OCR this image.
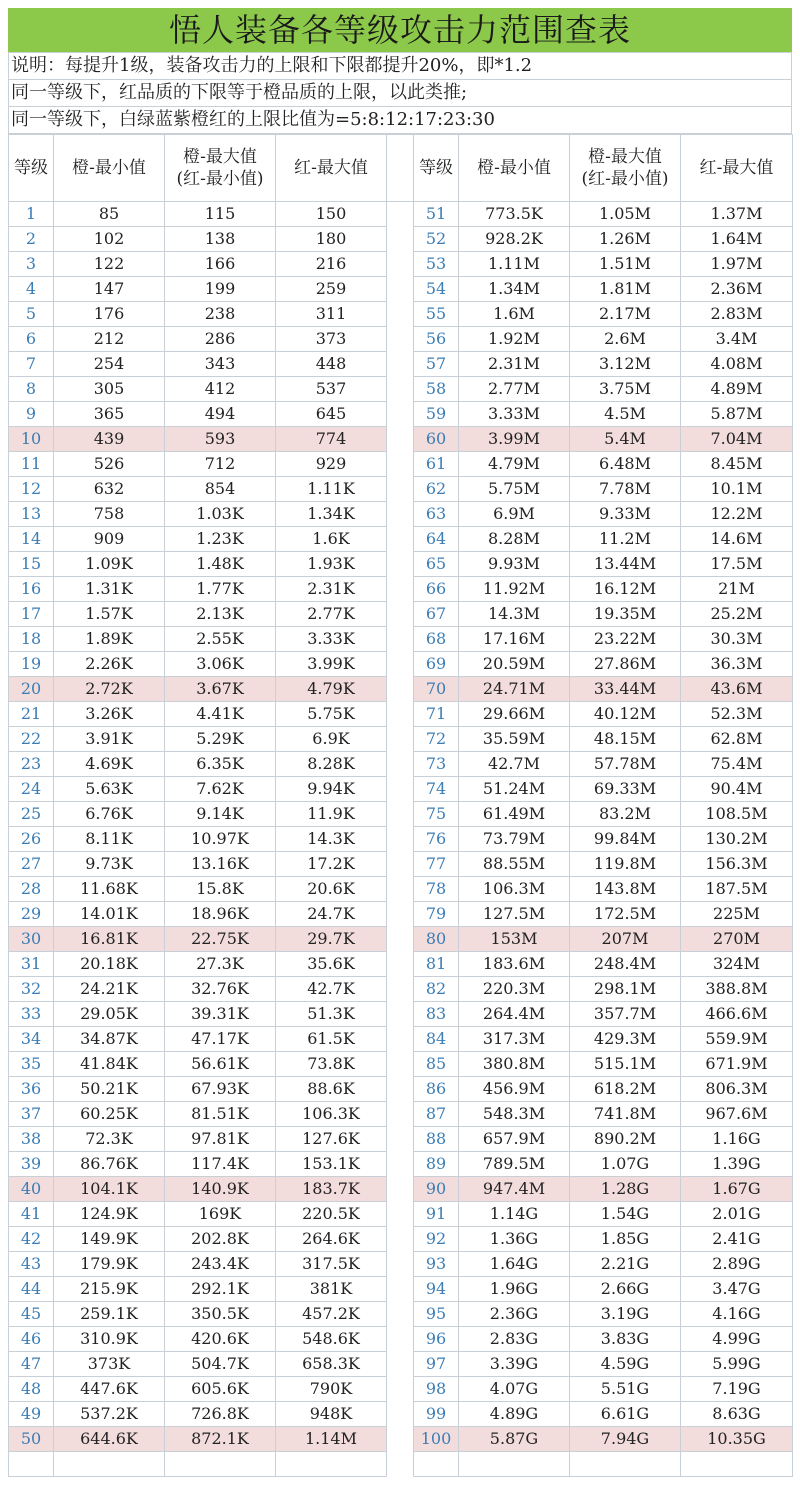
悟人装备各等级攻击力范围查表
说明：每提升1级，装备攻击力的上限和下限都提升20%，即*1.2
同一等级下，红品质的下限等于橙品质的上限，以此类推;
同一等级下，白绿蓝紫橙红的上限比值为=5:8:12:17:23:30
等级	橙-最小值	橙-最大值
(红-最小值)	红-最大值		等级	橙-最小值	橙-最大值
(红-最小值)	红-最大值
1	85	115	150		51	773.5K	1.05M	1.37M
2	102	138	180		52	928.2K	1.26M	1.64M
3	122	166	216		53	1.11M	1.51M	1.97M
4	147	199	259		54	1.34M	1.81M	2.36M
5	176	238	311		55	1.6M	2.17M	2.83M
6	212	286	373		56	1.92M	2.6M	3.4M
7	254	343	448		57	2.31M	3.12M	4.08M
8	305	412	537		58	2.77M	3.75M	4.89M
9	365	494	645		59	3.33M	4.5M	5.87M
10	439	593	774		60	3.99M	5.4M	7.04M
11	526	712	929		61	4.79M	6.48M	8.45M
12	632	854	1.11K		62	5.75M	7.78M	10.1M
13	758	1.03K	1.34K		63	6.9M	9.33M	12.2M
14	909	1.23K	1.6K		64	8.28M	11.2M	14.6M
15	1.09K	1.48K	1.93K		65	9.93M	13.44M	17.5M
16	1.31K	1.77K	2.31K		66	11.92M	16.12M	21M
17	1.57K	2.13K	2.77K		67	14.3M	19.35M	25.2M
18	1.89K	2.55K	3.33K		68	17.16M	23.22M	30.3M
19	2.26K	3.06K	3.99K		69	20.59M	27.86M	36.3M
20	2.72K	3.67K	4.79K		70	24.71M	33.44M	43.6M
21	3.26K	4.41K	5.75K		71	29.66M	40.12M	52.3M
22	3.91K	5.29K	6.9K		72	35.59M	48.15M	62.8M
23	4.69K	6.35K	8.28K		73	42.7M	57.78M	75.4M
24	5.63K	7.62K	9.94K		74	51.24M	69.33M	90.4M
25	6.76K	9.14K	11.9K		75	61.49M	83.2M	108.5M
26	8.11K	10.97K	14.3K		76	73.79M	99.84M	130.2M
27	9.73K	13.16K	17.2K		77	88.55M	119.8M	156.3M
28	11.68K	15.8K	20.6K		78	106.3M	143.8M	187.5M
29	14.01K	18.96K	24.7K		79	127.5M	172.5M	225M
30	16.81K	22.75K	29.7K		80	153M	207M	270M
31	20.18K	27.3K	35.6K		81	183.6M	248.4M	324M
32	24.21K	32.76K	42.7K		82	220.3M	298.1M	388.8M
33	29.05K	39.31K	51.3K		83	264.4M	357.7M	466.6M
34	34.87K	47.17K	61.5K		84	317.3M	429.3M	559.9M
35	41.84K	56.61K	73.8K		85	380.8M	515.1M	671.9M
36	50.21K	67.93K	88.6K		86	456.9M	618.2M	806.3M
37	60.25K	81.51K	106.3K		87	548.3M	741.8M	967.6M
38	72.3K	97.81K	127.6K		88	657.9M	890.2M	1.16G
39	86.76K	117.4K	153.1K		89	789.5M	1.07G	1.39G
40	104.1K	140.9K	183.7K		90	947.4M	1.28G	1.67G
41	124.9K	169K	220.5K		91	1.14G	1.54G	2.01G
42	149.9K	202.8K	264.6K		92	1.36G	1.85G	2.41G
43	179.9K	243.4K	317.5K		93	1.64G	2.21G	2.89G
44	215.9K	292.1K	381K		94	1.96G	2.66G	3.47G
45	259.1K	350.5K	457.2K		95	2.36G	3.19G	4.16G
46	310.9K	420.6K	548.6K		96	2.83G	3.83G	4.99G
47	373K	504.7K	658.3K		97	3.39G	4.59G	5.99G
48	447.6K	605.6K	790K		98	4.07G	5.51G	7.19G
49	537.2K	726.8K	948K		99	4.89G	6.61G	8.63G
50	644.6K	872.1K	1.14M		100	5.87G	7.94G	10.35G
